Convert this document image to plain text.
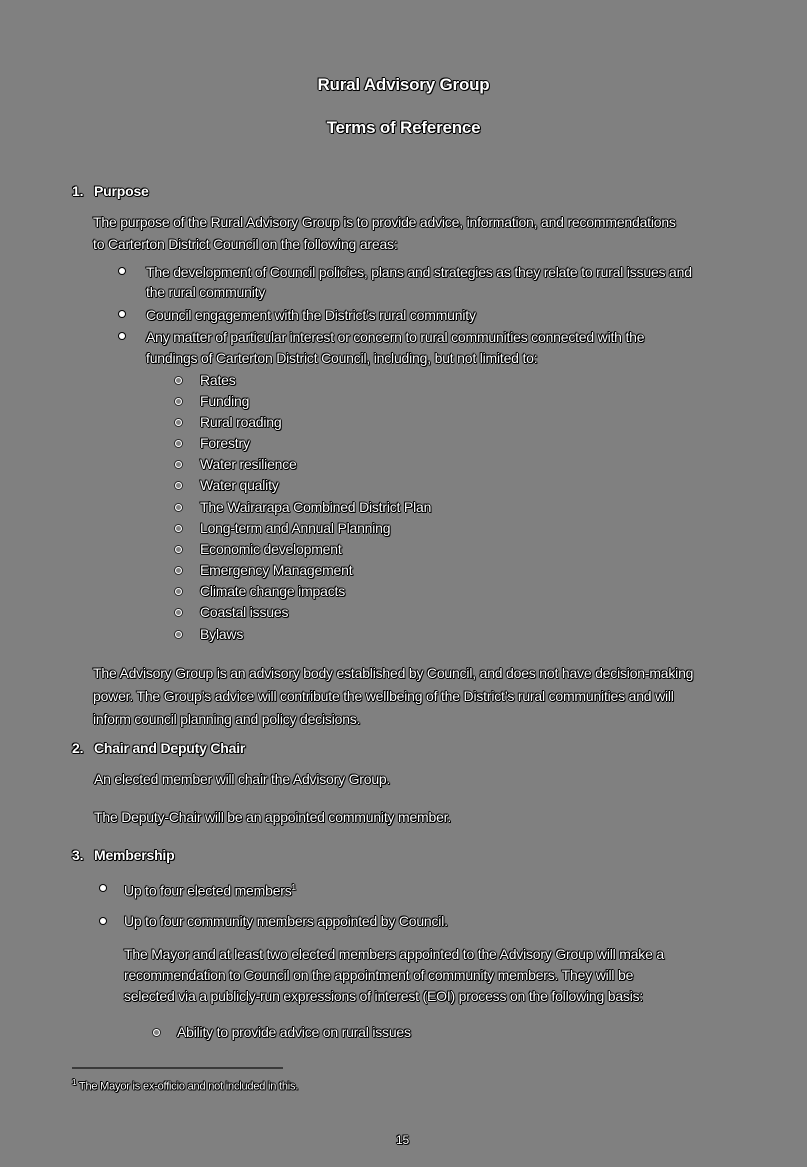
Rural Advisory Group
Terms of Reference
1. Purpose
The purpose of the Rural Advisory Group is to provide advice, information, and recommendations
to Carterton District Council on the following areas:
The development of Council policies, plans and strategies as they relate to rural issues and
the rural community
Council engagement with the District’s rural community
Any matter of particular interest or concern to rural communities connected with the
fundings of Carterton District Council, including, but not limited to:
Rates
Funding
Rural roading
Forestry
Water resilience
Water quality
The Wairarapa Combined District Plan
Long-term and Annual Planning
Economic development
Emergency Management
Climate change impacts
Coastal issues
Bylaws
The Advisory Group is an advisory body established by Council, and does not have decision-making
power. The Group’s advice will contribute the wellbeing of the District’s rural communities and will
inform council planning and policy decisions.
2. Chair and Deputy Chair
An elected member will chair the Advisory Group.
The Deputy-Chair will be an appointed community member.
3. Membership
Up to four elected members$^1$
Up to four community members appointed by Council.
The Mayor and at least two elected members appointed to the Advisory Group will make a
recommendation to Council on the appointment of community members. They will be
selected via a publicly-run expressions of interest (EOI) process on the following basis:
Ability to provide advice on rural issues
$^1$ The Mayor is ex-officio and not included in this.
15
